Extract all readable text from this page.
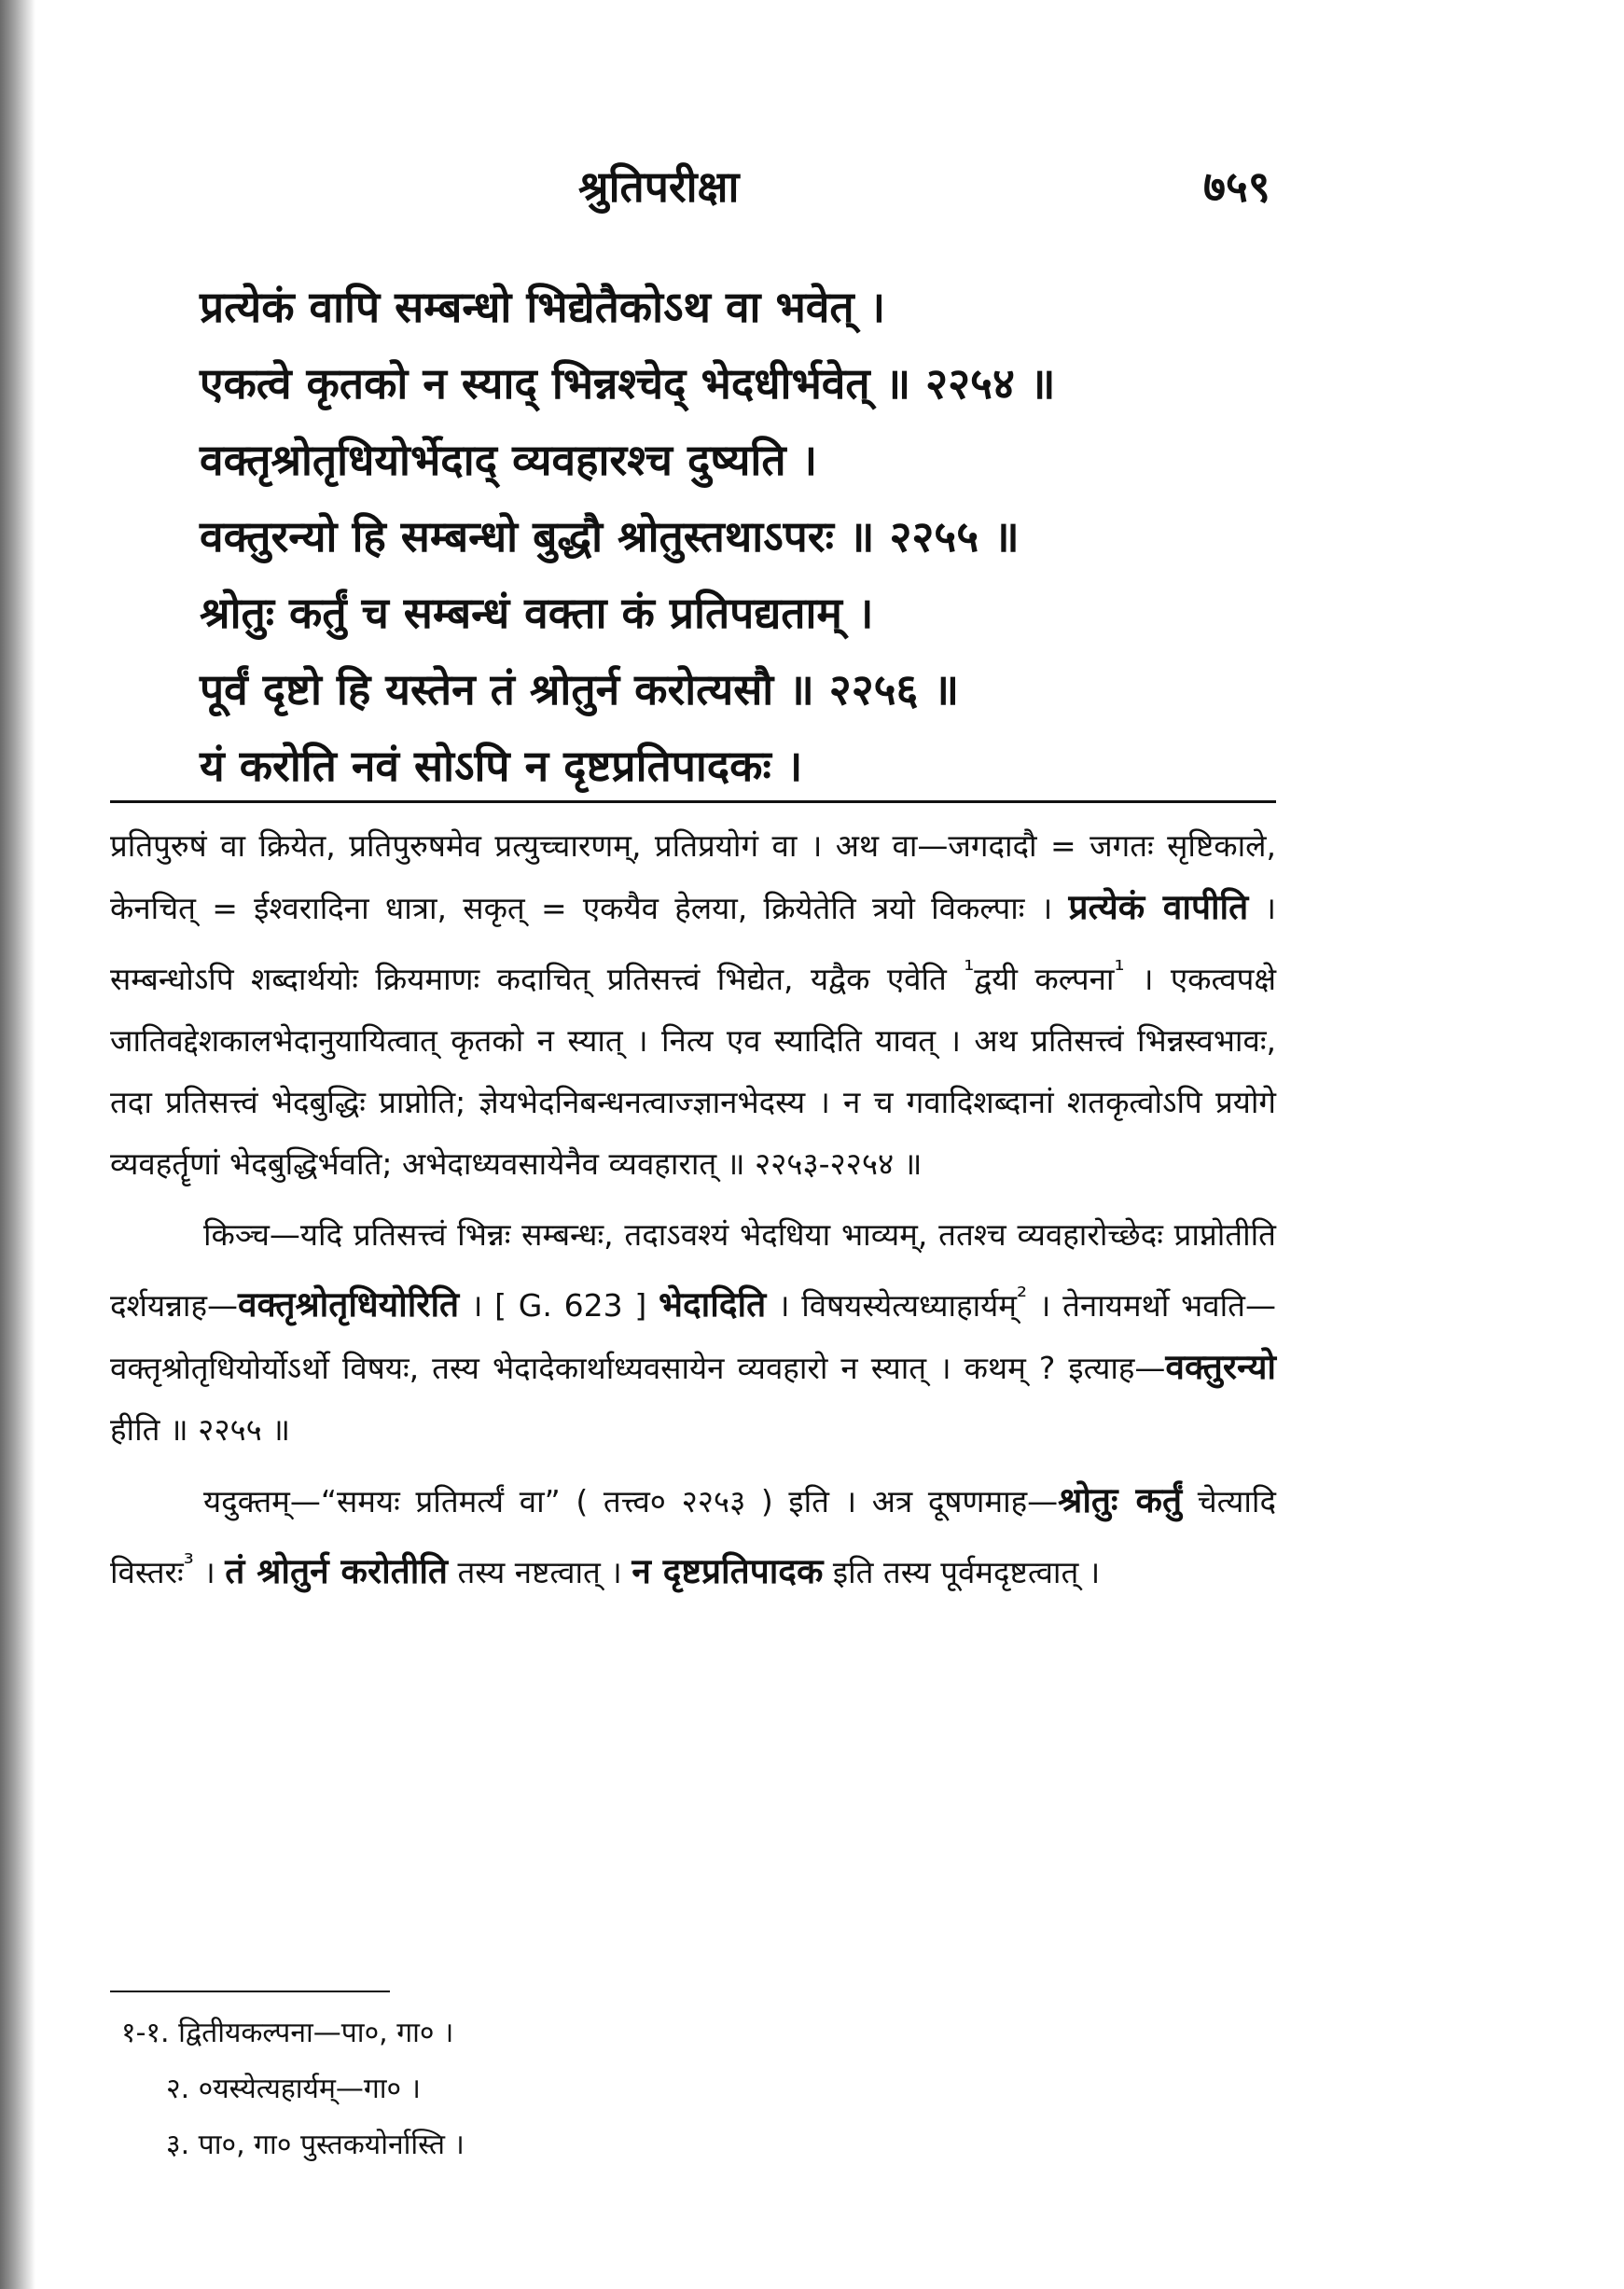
श्रुतिपरीक्षा	७५९
प्रत्येकं वापि सम्बन्धो भिद्येतैकोऽथ वा भवेत् ।
एकत्वे कृतको न स्याद् भिन्नश्चेद् भेदधीर्भवेत् ॥ २२५४ ॥
वक्तृश्रोतृधियोर्भेदाद् व्यवहारश्च दुष्यति ।
वक्तुरन्यो हि सम्बन्धो बुद्धौ श्रोतुस्तथाऽपरः ॥ २२५५ ॥
श्रोतुः कर्तुं च सम्बन्धं वक्ता कं प्रतिपद्यताम् ।
पूर्वं दृष्टो हि यस्तेन तं श्रोतुर्न करोत्यसौ ॥ २२५६ ॥
यं करोति नवं सोऽपि न दृष्टप्रतिपादकः ।

प्रतिपुरुषं वा क्रियेत, प्रतिपुरुषमेव प्रत्युच्चारणम्, प्रतिप्रयोगं वा । अथ वा—जगदादौ = जगतः सृष्टिकाले, केनचित् = ईश्वरादिना धात्रा, सकृत् = एकयैव हेलया, क्रियेतेति त्रयो विकल्पाः । प्रत्येकं वापीति । सम्बन्धोऽपि शब्दार्थयोः क्रियमाणः कदाचित् प्रतिसत्त्वं भिद्येत, यद्वैक एवेति $^{^1}$द्वयी कल्पना$^{^1}$ । एकत्वपक्षे जातिवद्देशकालभेदानुयायित्वात् कृतको न स्यात् । नित्य एव स्यादिति यावत् । अथ प्रतिसत्त्वं भिन्नस्वभावः, तदा प्रतिसत्त्वं भेदबुद्धिः प्राप्नोति; ज्ञेयभेदनिबन्धनत्वाज्ज्ञानभेदस्य । न च गवादिशब्दानां शतकृत्वोऽपि प्रयोगे व्यवहर्तॄणां भेदबुद्धिर्भवति; अभेदाध्यवसायेनैव व्यवहारात् ॥ २२५३-२२५४ ॥

किञ्च—यदि प्रतिसत्त्वं भिन्नः सम्बन्धः, तदाऽवश्यं भेदधिया भाव्यम्, ततश्च व्यवहारोच्छेदः प्राप्नोतीति दर्शयन्नाह—वक्तृश्रोतृधियोरिति । [ G. 623 ] भेदादिति । विषयस्येत्यध्याहार्यम्$^{^2}$ । तेनायमर्थो भवति—वक्तृश्रोतृधियोर्योऽर्थो विषयः, तस्य भेदादेकार्थाध्यवसायेन व्यवहारो न स्यात् । कथम् ? इत्याह—वक्तुरन्यो हीति ॥ २२५५ ॥

यदुक्तम्—“समयः प्रतिमर्त्यं वा” ( तत्त्व० २२५३ ) इति । अत्र दूषणमाह—श्रोतुः कर्तुं चेत्यादि विस्तरः$^{^3}$ । तं श्रोतुर्न करोतीति तस्य नष्टत्वात् । न दृष्टप्रतिपादक इति तस्य पूर्वमदृष्टत्वात् ।

१-१. द्वितीयकल्पना—पा०, गा० ।
२. ०यस्येत्यहार्यम्—गा० ।
३. पा०, गा० पुस्तकयोर्नास्ति ।
